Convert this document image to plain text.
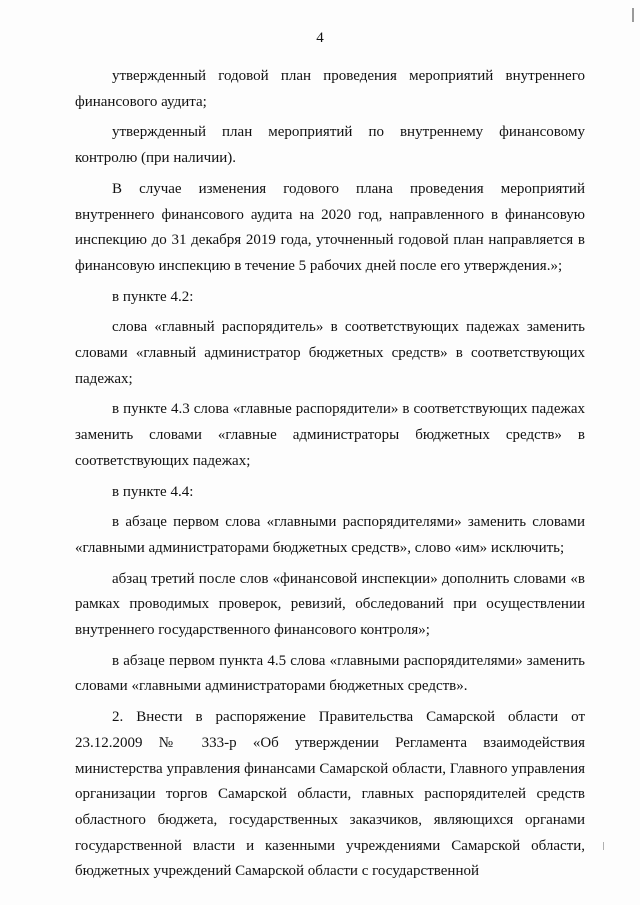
4

утвержденный годовой план проведения мероприятий внутреннего финансового аудита;

утвержденный план мероприятий по внутреннему финансовому контролю (при наличии).

В случае изменения годового плана проведения мероприятий внутреннего финансового аудита на 2020 год, направленного в финансовую инспекцию до 31 декабря 2019 года, уточненный годовой план направляется в финансовую инспекцию в течение 5 рабочих дней после его утверждения.»;

в пункте 4.2:

слова «главный распорядитель» в соответствующих падежах заменить словами «главный администратор бюджетных средств» в соответствующих падежах;

в пункте 4.3 слова «главные распорядители» в соответствующих падежах заменить словами «главные администраторы бюджетных средств» в соответствующих падежах;

в пункте 4.4:

в абзаце первом слова «главными распорядителями» заменить словами «главными администраторами бюджетных средств», слово «им» исключить;

абзац третий после слов «финансовой инспекции» дополнить словами «в рамках проводимых проверок, ревизий, обследований при осуществлении внутреннего государственного финансового контроля»;

в абзаце первом пункта 4.5 слова «главными распорядителями» заменить словами «главными администраторами бюджетных средств».

2. Внести в распоряжение Правительства Самарской области от 23.12.2009 № 333-р «Об утверждении Регламента взаимодействия министерства управления финансами Самарской области, Главного управления организации торгов Самарской области, главных распорядителей средств областного бюджета, государственных заказчиков, являющихся органами государственной власти и казенными учреждениями Самарской области, бюджетных учреждений Самарской области с государственной
